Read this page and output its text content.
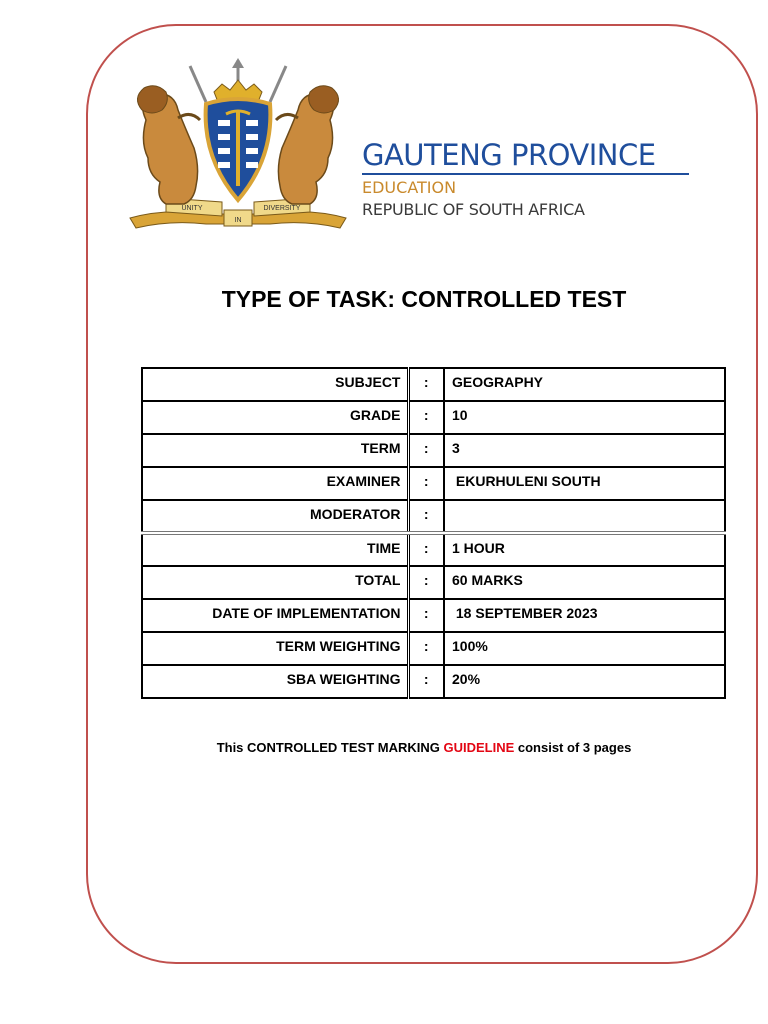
UNITY
IN
DIVERSITY
GAUTENG PROVINCE
EDUCATION
REPUBLIC OF SOUTH AFRICA
TYPE OF TASK: CONTROLLED TEST
SUBJECT	:	GEOGRAPHY
GRADE	:	10
TERM	:	3
EXAMINER	:	EKURHULENI SOUTH
MODERATOR	:	
TIME	:	1 HOUR
TOTAL	:	60 MARKS
DATE OF IMPLEMENTATION	:	18 SEPTEMBER 2023
TERM WEIGHTING	:	100%
SBA WEIGHTING	:	20%
This CONTROLLED TEST MARKING GUIDELINE consist of 3 pages
